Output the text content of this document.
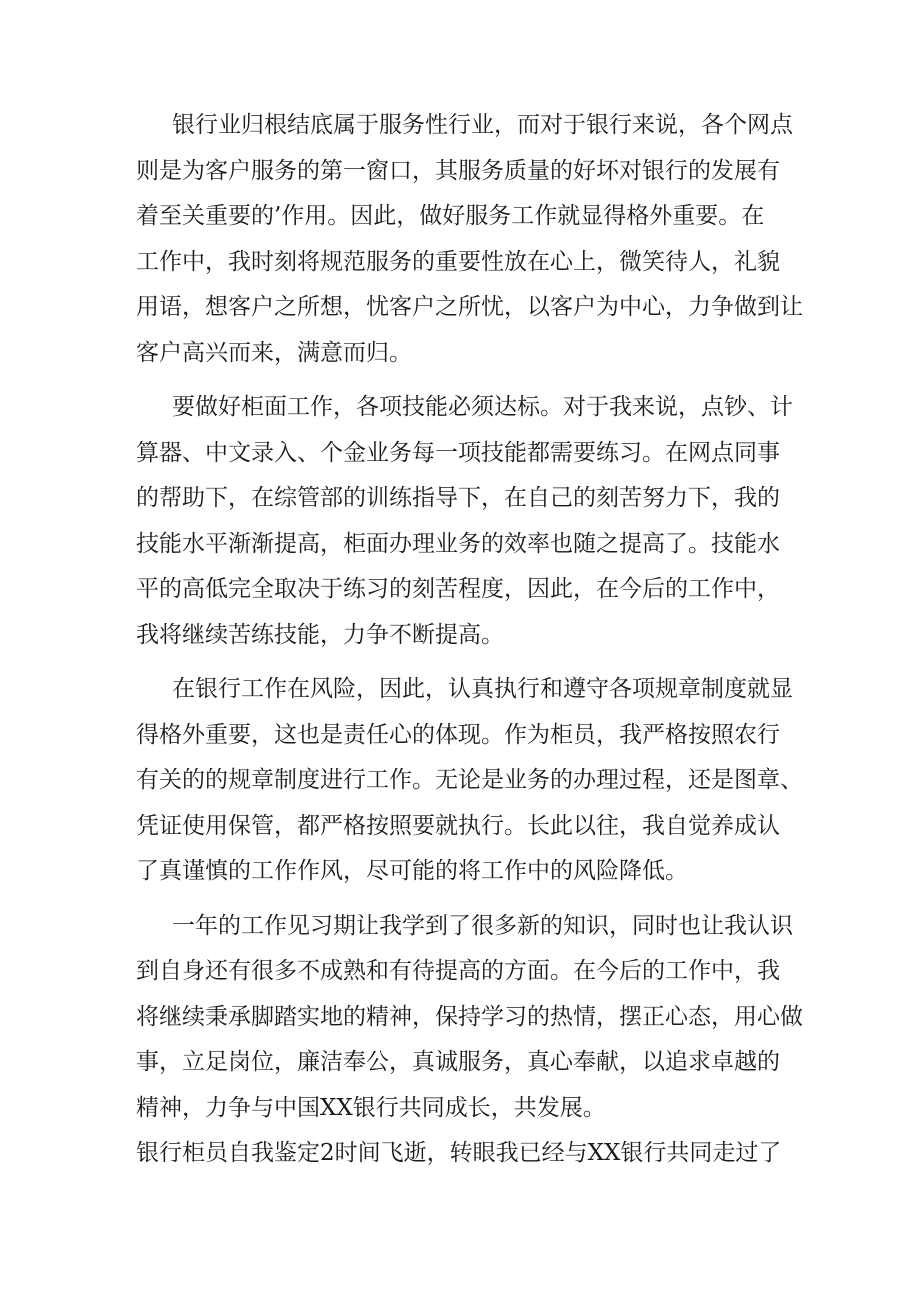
银行业归根结底属于服务性行业，而对于银行来说，各个网点
则是为客户服务的第一窗口，其服务质量的好坏对银行的发展有
着至关重要的’作用。因此，做好服务工作就显得格外重要。在
工作中，我时刻将规范服务的重要性放在心上，微笑待人，礼貌
用语，想客户之所想，忧客户之所忧，以客户为中心，力争做到让
客户高兴而来，满意而归。
要做好柜面工作，各项技能必须达标。对于我来说，点钞、计
算器、中文录入、个金业务每一项技能都需要练习。在网点同事
的帮助下，在综管部的训练指导下，在自己的刻苦努力下，我的
技能水平渐渐提高，柜面办理业务的效率也随之提高了。技能水
平的高低完全取决于练习的刻苦程度，因此，在今后的工作中，
我将继续苦练技能，力争不断提高。
在银行工作在风险，因此，认真执行和遵守各项规章制度就显
得格外重要，这也是责任心的体现。作为柜员，我严格按照农行
有关的的规章制度进行工作。无论是业务的办理过程，还是图章、
凭证使用保管，都严格按照要就执行。长此以往，我自觉养成认
了真谨慎的工作作风，尽可能的将工作中的风险降低。
一年的工作见习期让我学到了很多新的知识，同时也让我认识
到自身还有很多不成熟和有待提高的方面。在今后的工作中，我
将继续秉承脚踏实地的精神，保持学习的热情，摆正心态，用心做
事，立足岗位，廉洁奉公，真诚服务，真心奉献，以追求卓越的
精神，力争与中国XX银行共同成长，共发展。
银行柜员自我鉴定2时间飞逝，转眼我已经与XX银行共同走过了
